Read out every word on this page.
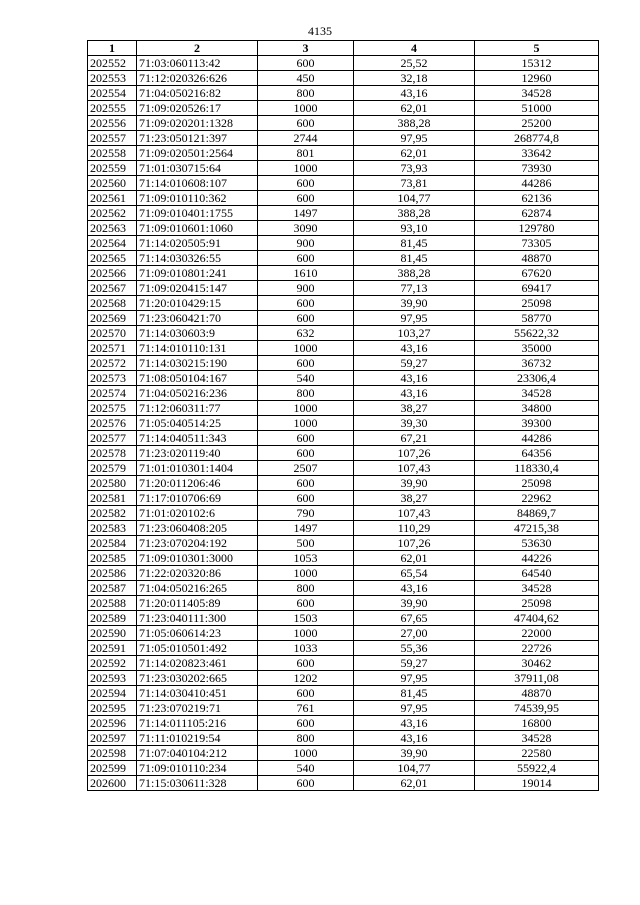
4135
1	2	3	4	5
202552	71:03:060113:42	600	25,52	15312
202553	71:12:020326:626	450	32,18	12960
202554	71:04:050216:82	800	43,16	34528
202555	71:09:020526:17	1000	62,01	51000
202556	71:09:020201:1328	600	388,28	25200
202557	71:23:050121:397	2744	97,95	268774,8
202558	71:09:020501:2564	801	62,01	33642
202559	71:01:030715:64	1000	73,93	73930
202560	71:14:010608:107	600	73,81	44286
202561	71:09:010110:362	600	104,77	62136
202562	71:09:010401:1755	1497	388,28	62874
202563	71:09:010601:1060	3090	93,10	129780
202564	71:14:020505:91	900	81,45	73305
202565	71:14:030326:55	600	81,45	48870
202566	71:09:010801:241	1610	388,28	67620
202567	71:09:020415:147	900	77,13	69417
202568	71:20:010429:15	600	39,90	25098
202569	71:23:060421:70	600	97,95	58770
202570	71:14:030603:9	632	103,27	55622,32
202571	71:14:010110:131	1000	43,16	35000
202572	71:14:030215:190	600	59,27	36732
202573	71:08:050104:167	540	43,16	23306,4
202574	71:04:050216:236	800	43,16	34528
202575	71:12:060311:77	1000	38,27	34800
202576	71:05:040514:25	1000	39,30	39300
202577	71:14:040511:343	600	67,21	44286
202578	71:23:020119:40	600	107,26	64356
202579	71:01:010301:1404	2507	107,43	118330,4
202580	71:20:011206:46	600	39,90	25098
202581	71:17:010706:69	600	38,27	22962
202582	71:01:020102:6	790	107,43	84869,7
202583	71:23:060408:205	1497	110,29	47215,38
202584	71:23:070204:192	500	107,26	53630
202585	71:09:010301:3000	1053	62,01	44226
202586	71:22:020320:86	1000	65,54	64540
202587	71:04:050216:265	800	43,16	34528
202588	71:20:011405:89	600	39,90	25098
202589	71:23:040111:300	1503	67,65	47404,62
202590	71:05:060614:23	1000	27,00	22000
202591	71:05:010501:492	1033	55,36	22726
202592	71:14:020823:461	600	59,27	30462
202593	71:23:030202:665	1202	97,95	37911,08
202594	71:14:030410:451	600	81,45	48870
202595	71:23:070219:71	761	97,95	74539,95
202596	71:14:011105:216	600	43,16	16800
202597	71:11:010219:54	800	43,16	34528
202598	71:07:040104:212	1000	39,90	22580
202599	71:09:010110:234	540	104,77	55922,4
202600	71:15:030611:328	600	62,01	19014
